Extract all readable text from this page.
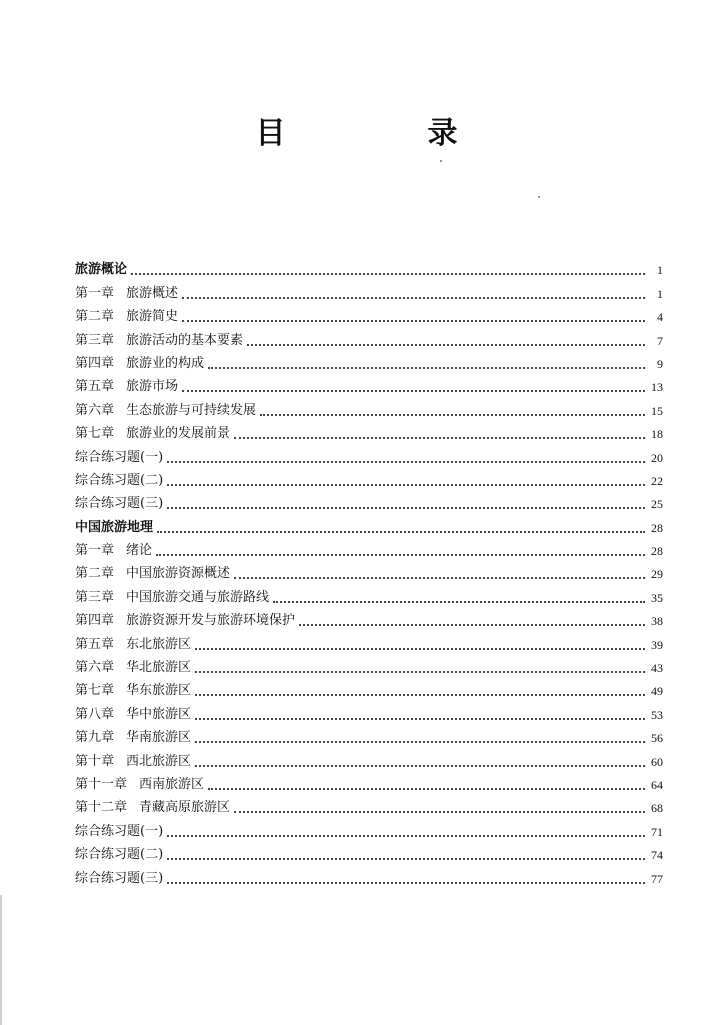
目　录
旅游概论	1
第一章 旅游概述	1
第二章 旅游简史	4
第三章 旅游活动的基本要素	7
第四章 旅游业的构成	9
第五章 旅游市场	13
第六章 生态旅游与可持续发展	15
第七章 旅游业的发展前景	18
综合练习题(一)	20
综合练习题(二)	22
综合练习题(三)	25
中国旅游地理	28
第一章 绪论	28
第二章 中国旅游资源概述	29
第三章 中国旅游交通与旅游路线	35
第四章 旅游资源开发与旅游环境保护	38
第五章 东北旅游区	39
第六章 华北旅游区	43
第七章 华东旅游区	49
第八章 华中旅游区	53
第九章 华南旅游区	56
第十章 西北旅游区	60
第十一章 西南旅游区	64
第十二章 青藏高原旅游区	68
综合练习题(一)	71
综合练习题(二)	74
综合练习题(三)	77
